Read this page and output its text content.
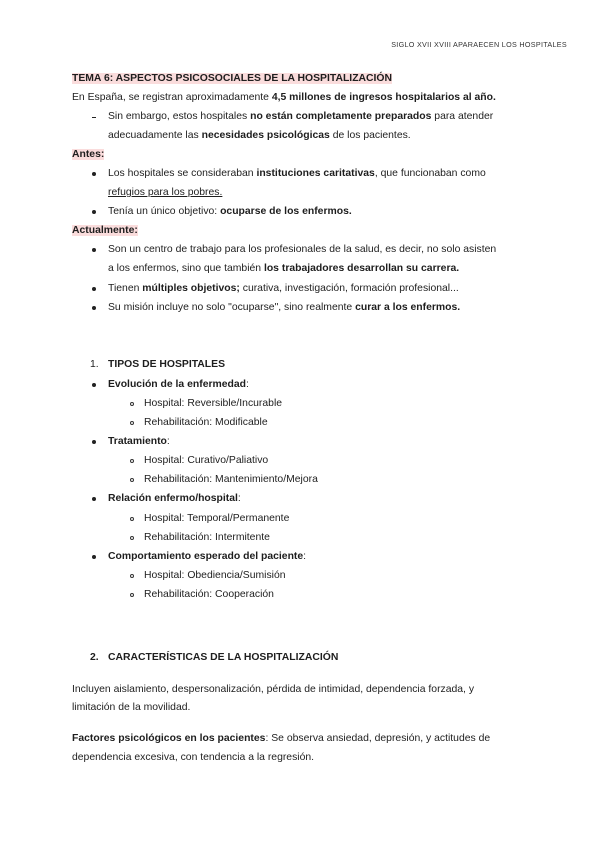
SIGLO XVII XVIII APARAECEN LOS HOSPITALES
TEMA 6: ASPECTOS PSICOSOCIALES DE LA HOSPITALIZACIÓN
En España, se registran aproximadamente 4,5 millones de ingresos hospitalarios al año.
Sin embargo, estos hospitales no están completamente preparados para atender
adecuadamente las necesidades psicológicas de los pacientes.
Antes:
Los hospitales se consideraban instituciones caritativas, que funcionaban como
refugios para los pobres.
Tenía un único objetivo: ocuparse de los enfermos.
Actualmente:
Son un centro de trabajo para los profesionales de la salud, es decir, no solo asisten
a los enfermos, sino que también los trabajadores desarrollan su carrera.
Tienen múltiples objetivos; curativa, investigación, formación profesional...
Su misión incluye no solo "ocuparse", sino realmente curar a los enfermos.
1. TIPOS DE HOSPITALES
Evolución de la enfermedad:
Hospital: Reversible/Incurable
Rehabilitación: Modificable
Tratamiento:
Hospital: Curativo/Paliativo
Rehabilitación: Mantenimiento/Mejora
Relación enfermo/hospital:
Hospital: Temporal/Permanente
Rehabilitación: Intermitente
Comportamiento esperado del paciente:
Hospital: Obediencia/Sumisión
Rehabilitación: Cooperación
2. CARACTERÍSTICAS DE LA HOSPITALIZACIÓN
Incluyen aislamiento, despersonalización, pérdida de intimidad, dependencia forzada, y
limitación de la movilidad.
Factores psicológicos en los pacientes: Se observa ansiedad, depresión, y actitudes de
dependencia excesiva, con tendencia a la regresión.
